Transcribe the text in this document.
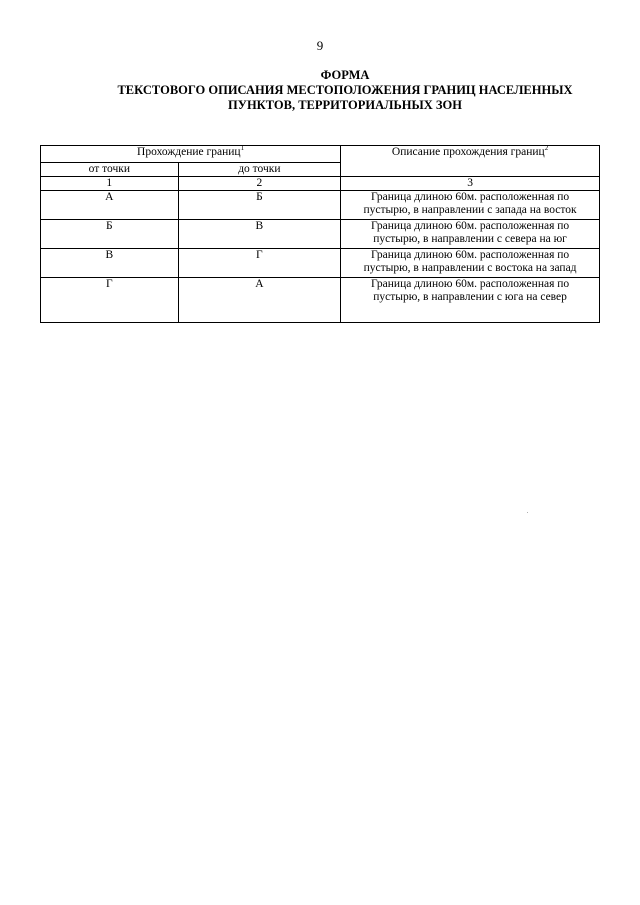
9
ФОРМА
ТЕКСТОВОГО ОПИСАНИЯ МЕСТОПОЛОЖЕНИЯ ГРАНИЦ НАСЕЛЕННЫХ
ПУНКТОВ, ТЕРРИТОРИАЛЬНЫХ ЗОН
Прохождение границ$^1$		Описание прохождения границ$^2$
от точки	до точки	
1	2	3
А	Б	Граница длиною 60м. расположенная по
пустырю, в направлении с запада на восток

Б	В	Граница длиною 60м. расположенная по
пустырю, в направлении с севера на юг

В	Г	Граница длиною 60м. расположенная по
пустырю, в направлении с востока на запад

Г	А	Граница длиною 60м. расположенная по
пустырю, в направлении с юга на север
